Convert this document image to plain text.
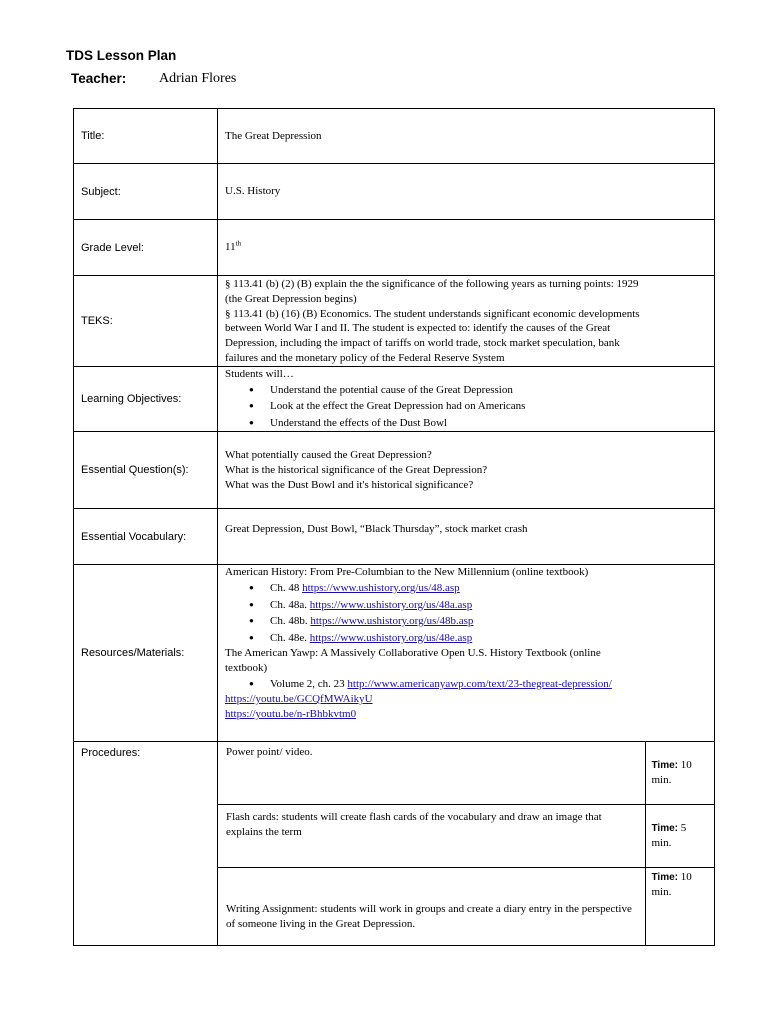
TDS Lesson Plan
Teacher: Adrian Flores
Title:	The Great Depression
Subject:	U.S. History
Grade Level:	11th
TEKS:	
§ 113.41 (b) (2) (B) explain the the significance of the following years as turning points: 1929
(the Great Depression begins)
§ 113.41 (b) (16) (B) Economics. The student understands significant economic developments
between World War I and II. The student is expected to: identify the causes of the Great
Depression, including the impact of tariffs on world trade, stock market speculation, bank
failures and the monetary policy of the Federal Reserve System

Learning Objectives:	
Students will…
● Understand the potential cause of the Great Depression
● Look at the effect the Great Depression had on Americans
● Understand the effects of the Dust Bowl

Essential Question(s):	
What potentially caused the Great Depression?
What is the historical significance of the Great Depression?
What was the Dust Bowl and it's historical significance?

Essential Vocabulary:	Great Depression, Dust Bowl, “Black Thursday”, stock market crash
Resources/Materials:	
American History: From Pre-Columbian to the New Millennium (online textbook)
● Ch. 48 https://www.ushistory.org/us/48.asp
● Ch. 48a. https://www.ushistory.org/us/48a.asp
● Ch. 48b. https://www.ushistory.org/us/48b.asp
● Ch. 48e. https://www.ushistory.org/us/48e.asp
The American Yawp: A Massively Collaborative Open U.S. History Textbook (online
textbook)
● Volume 2, ch. 23 http://www.americanyawp.com/text/23-thegreat-depression/
https://youtu.be/GCQfMWAikyU
https://youtu.be/n-rBhbkvtm0

Procedures:		Power point/ video.	Time: 10
min.
Flash cards: students will create flash cards of the vocabulary and draw an image that explains the term	Time: 5
min.
Writing Assignment: students will work in groups and create a diary entry in the perspective of someone living in the Great Depression.	Time: 10
min.
